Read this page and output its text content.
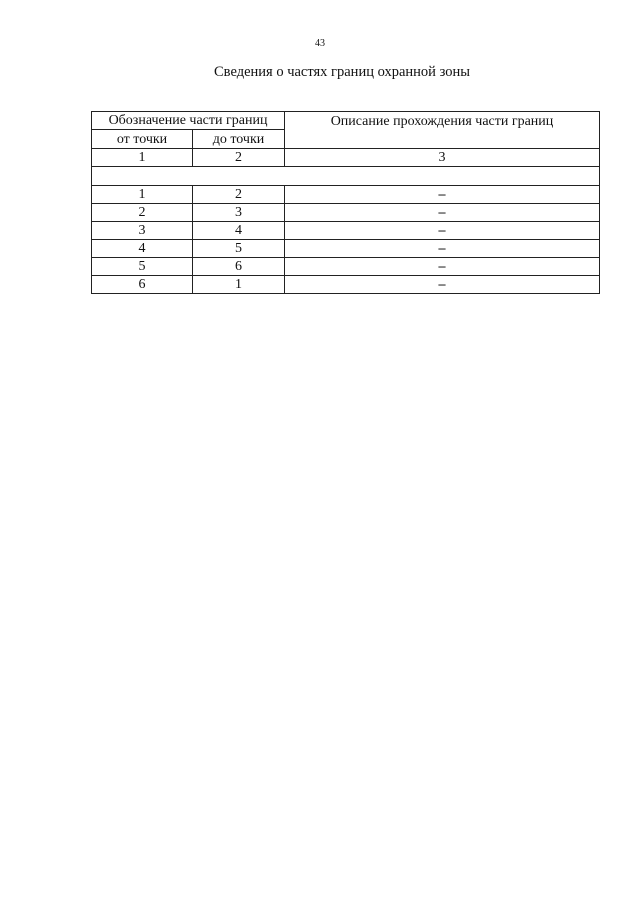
43
Сведения о частях границ охранной зоны
Обозначение части границ		Описание прохождения части границ
от точки	до точки	
1	2	3

1	2	–
2	3	–
3	4	–
4	5	–
5	6	–
6	1	–
